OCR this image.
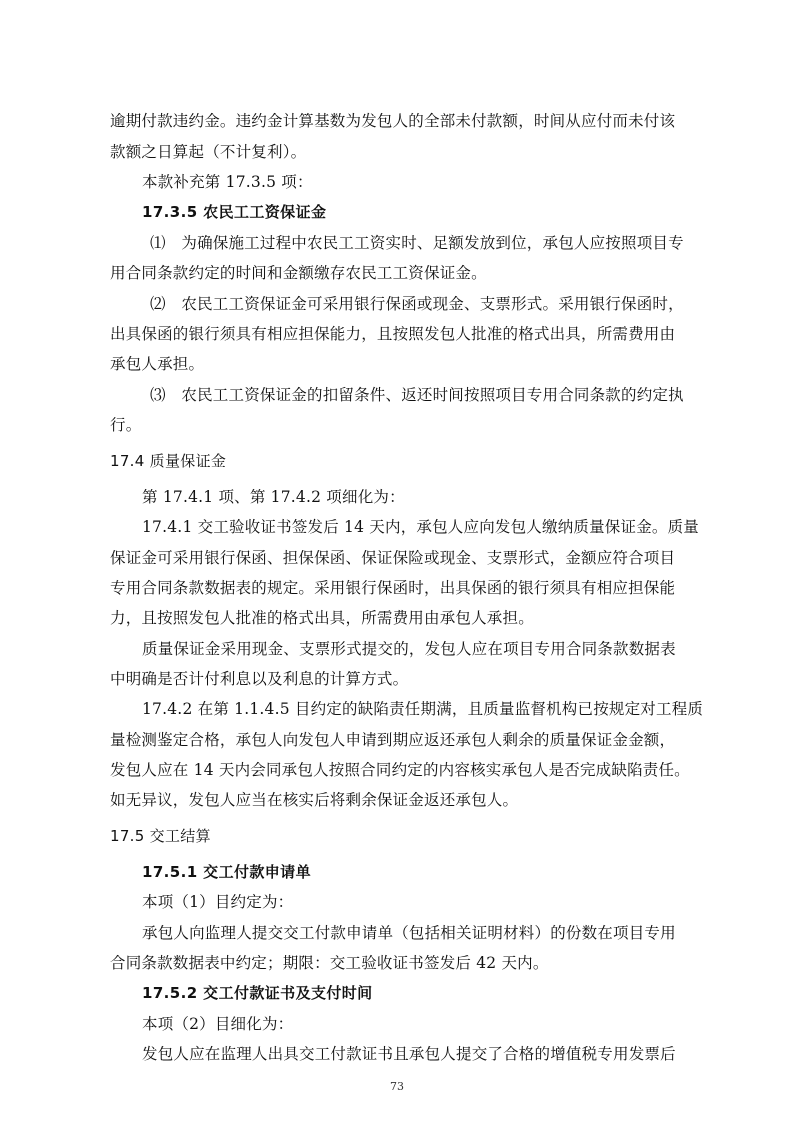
逾期付款违约金。违约金计算基数为发包人的全部未付款额，时间从应付而未付该
款额之日算起（不计复利）。
本款补充第 17.3.5 项：
17.3.5 农民工工资保证金
⑴　为确保施工过程中农民工工资实时、足额发放到位，承包人应按照项目专
用合同条款约定的时间和金额缴存农民工工资保证金。
⑵　农民工工资保证金可采用银行保函或现金、支票形式。采用银行保函时，
出具保函的银行须具有相应担保能力，且按照发包人批准的格式出具，所需费用由
承包人承担。
⑶　农民工工资保证金的扣留条件、返还时间按照项目专用合同条款的约定执
行。
17.4 质量保证金
第 17.4.1 项、第 17.4.2 项细化为：
17.4.1 交工验收证书签发后 14 天内，承包人应向发包人缴纳质量保证金。质量
保证金可采用银行保函、担保保函、保证保险或现金、支票形式，金额应符合项目
专用合同条款数据表的规定。采用银行保函时，出具保函的银行须具有相应担保能
力，且按照发包人批准的格式出具，所需费用由承包人承担。
质量保证金采用现金、支票形式提交的，发包人应在项目专用合同条款数据表
中明确是否计付利息以及利息的计算方式。
17.4.2 在第 1.1.4.5 目约定的缺陷责任期满，且质量监督机构已按规定对工程质
量检测鉴定合格，承包人向发包人申请到期应返还承包人剩余的质量保证金金额，
发包人应在 14 天内会同承包人按照合同约定的内容核实承包人是否完成缺陷责任。
如无异议，发包人应当在核实后将剩余保证金返还承包人。
17.5 交工结算
17.5.1 交工付款申请单
本项（1）目约定为：
承包人向监理人提交交工付款申请单（包括相关证明材料）的份数在项目专用
合同条款数据表中约定；期限：交工验收证书签发后 42 天内。
17.5.2 交工付款证书及支付时间
本项（2）目细化为：
发包人应在监理人出具交工付款证书且承包人提交了合格的增值税专用发票后
73
